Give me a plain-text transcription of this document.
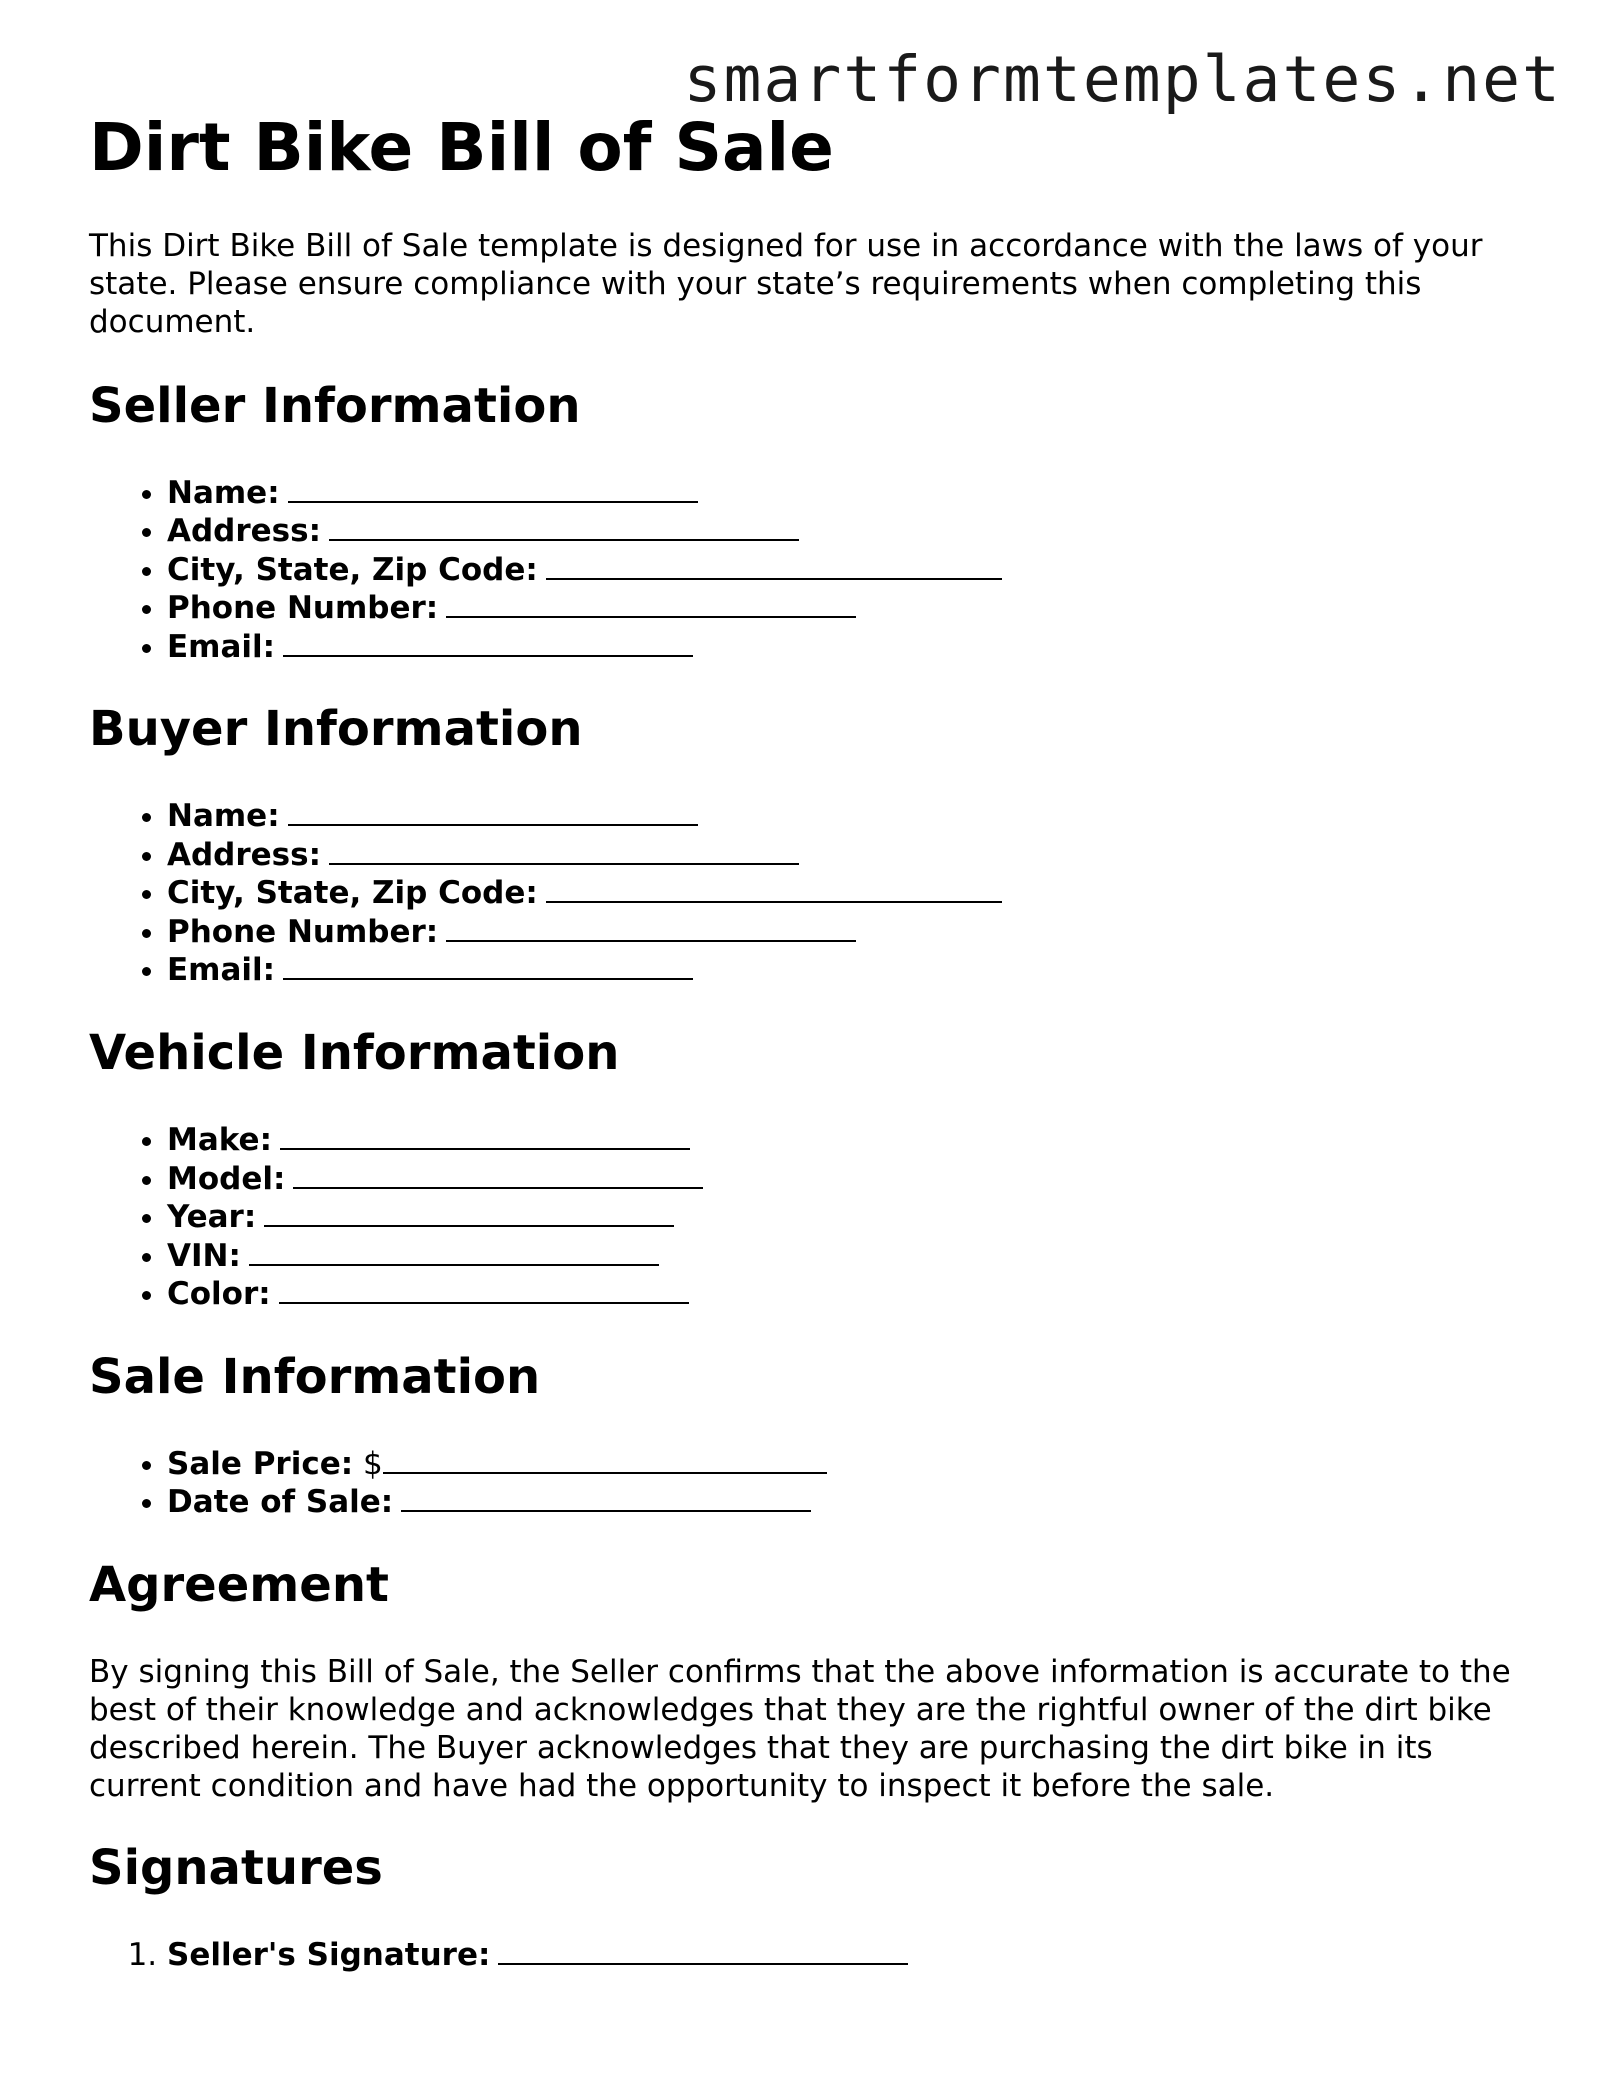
smartformtemplates.net
Dirt Bike Bill of Sale

This Dirt Bike Bill of Sale template is designed for use in accordance with the laws of your state. Please ensure compliance with your state’s requirements when completing this document.

Seller Information
• Name:
• Address:
• City, State, Zip Code:
• Phone Number:
• Email:
Buyer Information
• Name:
• Address:
• City, State, Zip Code:
• Phone Number:
• Email:
Vehicle Information
• Make:
• Model:
• Year:
• VIN:
• Color:
Sale Information
• Sale Price: $
• Date of Sale:
Agreement

By signing this Bill of Sale, the Seller confirms that the above information is accurate to the best of their knowledge and acknowledges that they are the rightful owner of the dirt bike described herein. The Buyer acknowledges that they are purchasing the dirt bike in its current condition and have had the opportunity to inspect it before the sale.

Signatures
1. Seller's Signature:
